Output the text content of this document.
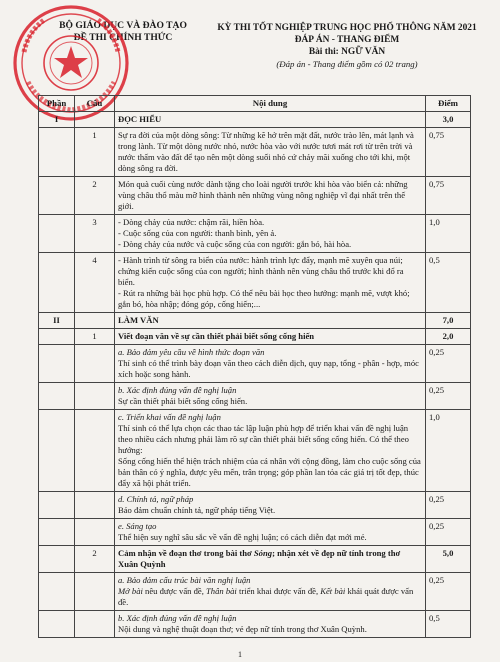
BỘ GIÁO DỤC VÀ ĐÀO TẠO
ĐỀ THI CHÍNH THỨC
KỲ THI TỐT NGHIỆP TRUNG HỌC PHỔ THÔNG NĂM 2021
ĐÁP ÁN - THANG ĐIỂM
Bài thi: NGỮ VĂN
(Đáp án - Thang điểm gồm có 02 trang)
Phần	Câu	Nội dung	Điểm
I		ĐỌC HIỂU	3,0
	1	Sự ra đời của một dòng sông: Từ những kẽ hở trên mặt đất, nước trào lên, mát lạnh và trong lành. Từ một dòng nước nhỏ, nước hòa vào với nước tươi mát rơi từ trên trời và nước thấm vào đất để tạo nên một dòng suối nhỏ cứ chảy mãi xuống cho tới khi, một dòng sông ra đời.	0,75
	2	Món quà cuối cùng nước dành tặng cho loài người trước khi hòa vào biển cả: những vùng châu thổ màu mỡ hình thành nên những vùng nông nghiệp vĩ đại nhất trên thế giới.	0,75
	3	- Dòng chảy của nước: chậm rãi, hiền hòa.
- Cuộc sống của con người: thanh bình, yên ả.
- Dòng chảy của nước và cuộc sống của con người: gắn bó, hài hòa.	1,0
	4	- Hành trình từ sông ra biển của nước: hành trình lực đẩy, mạnh mẽ xuyên qua núi; chứng kiến cuộc sống của con người; hình thành nên vùng châu thổ trước khi đổ ra biển.
- Rút ra những bài học phù hợp. Có thể nêu bài học theo hướng: mạnh mẽ, vượt khó; gắn bó, hòa nhập; đóng góp, cống hiến;...	0,5
II		LÀM VĂN	7,0
	1	Viết đoạn văn về sự cần thiết phải biết sống cống hiến	2,0

		a. Bảo đảm yêu cầu về hình thức đoạn văn
Thí sinh có thể trình bày đoạn văn theo cách diễn dịch, quy nạp, tổng - phân - hợp, móc xích hoặc song hành.	0,25

		b. Xác định đúng vấn đề nghị luận
Sự cần thiết phải biết sống cống hiến.	0,25

		c. Triển khai vấn đề nghị luận
Thí sinh có thể lựa chọn các thao tác lập luận phù hợp để triển khai vấn đề nghị luận theo nhiều cách nhưng phải làm rõ sự cần thiết phải biết sống cống hiến. Có thể theo hướng:
Sống cống hiến thể hiện trách nhiệm của cá nhân với cộng đồng, làm cho cuộc sống của bản thân có ý nghĩa, được yêu mến, trân trọng; góp phần lan tỏa các giá trị tốt đẹp, thúc đẩy xã hội phát triển.	1,0

		d. Chính tả, ngữ pháp
Bảo đảm chuẩn chính tả, ngữ pháp tiếng Việt.	0,25

		e. Sáng tạo
Thể hiện suy nghĩ sâu sắc về vấn đề nghị luận; có cách diễn đạt mới mẻ.	0,25
	2	Cảm nhận về đoạn thơ trong bài thơ Sóng; nhận xét về đẹp nữ tính trong thơ Xuân Quỳnh	5,0

		a. Bảo đảm cấu trúc bài văn nghị luận
Mở bài nêu được vấn đề, Thân bài triển khai được vấn đề, Kết bài khái quát được vấn đề.	0,25

		b. Xác định đúng vấn đề nghị luận
Nội dung và nghệ thuật đoạn thơ; vẻ đẹp nữ tính trong thơ Xuân Quỳnh.	0,5
1
